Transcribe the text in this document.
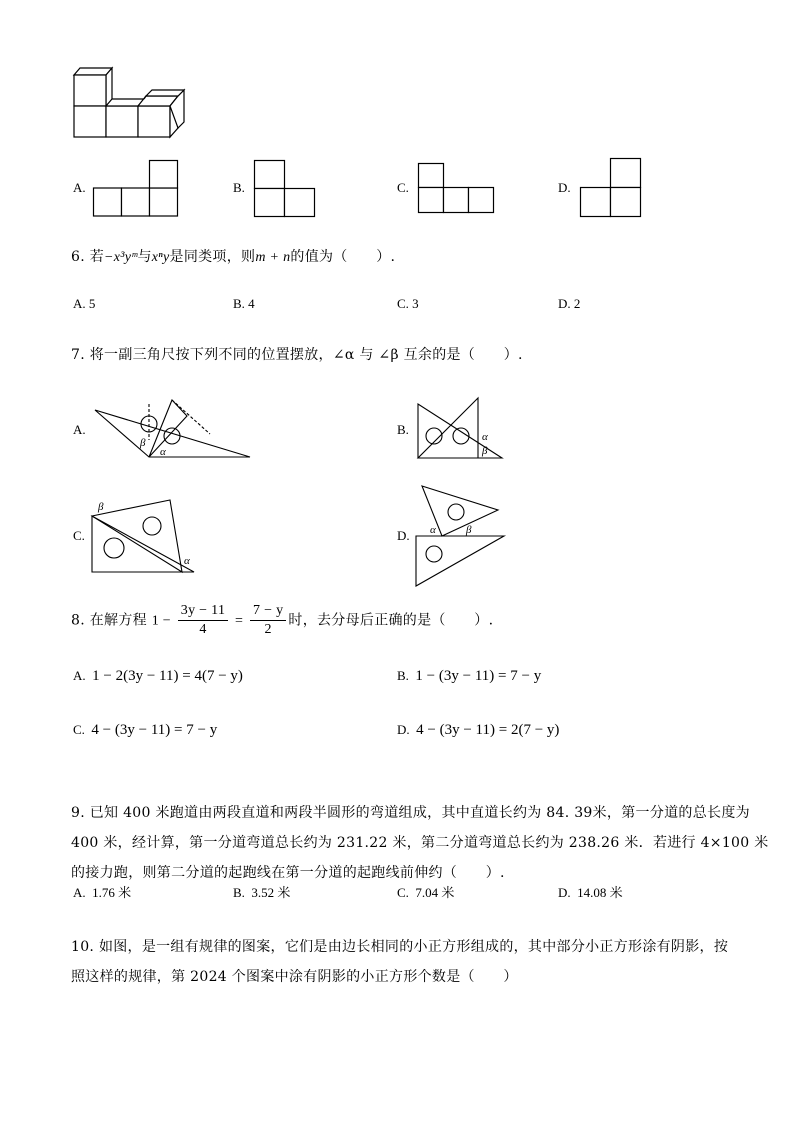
A.	B.	C.	D.
6. 若−x³yᵐ与xⁿy是同类项，则m + n的值为（　　）.
A. 5	B. 4	C. 3	D. 2
7. 将一副三角尺按下列不同的位置摆放，∠α 与 ∠β 互余的是（　　）.
A.
β
α
B.	α
β
C.
β
α
D. α	β
8. 在解方程 $1 - \frac{3y - 11}{4} = \frac{7 - y}{2}$ 时，去分母后正确的是（　　）.
A. 1 − 2(3y − 11) = 4(7 − y)	B. 1 − (3y − 11) = 7 − y
C. 4 − (3y − 11) = 7 − y	D. 4 − (3y − 11) = 2(7 − y)
9. 已知 400 米跑道由两段直道和两段半圆形的弯道组成，其中直道长约为 84. 39米，第一分道的总长度为
400 米，经计算，第一分道弯道总长约为 231.22 米，第二分道弯道总长约为 238.26 米．若进行 4×100 米
的接力跑，则第二分道的起跑线在第一分道的起跑线前伸约（　　）.
A. 1.76 米	B. 3.52 米	C. 7.04 米	D. 14.08 米
10. 如图，是一组有规律的图案，它们是由边长相同的小正方形组成的，其中部分小正方形涂有阴影，按
照这样的规律，第 2024 个图案中涂有阴影的小正方形个数是（　　）
